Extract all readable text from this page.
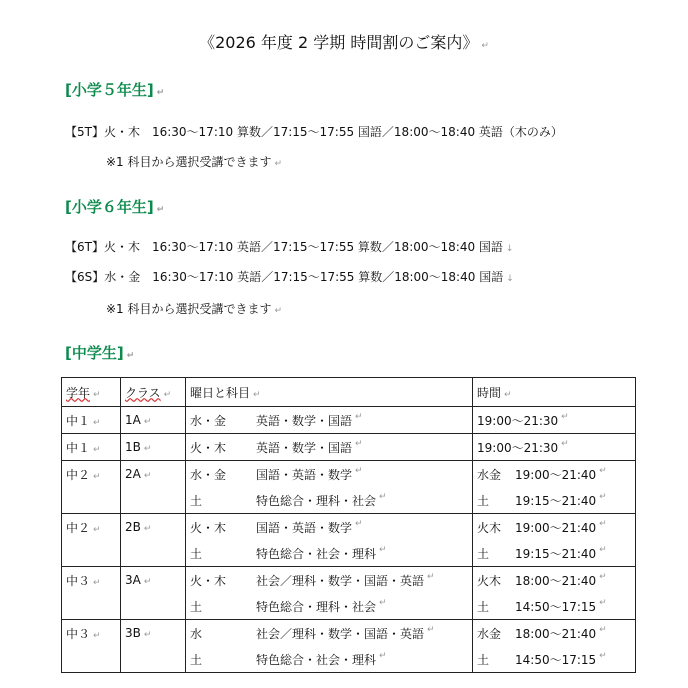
《2026 年度 2 学期 時間割のご案内》 ↵
[小学５年生] ↵
【5T】火・木　16:30～17:10 算数／17:15～17:55 国語／18:00～18:40 英語（木のみ）
※1 科目から選択受講できます ↵
[小学６年生] ↵
【6T】火・木　16:30～17:10 英語／17:15～17:55 算数／18:00～18:40 国語 ↓
【6S】水・金　16:30～17:10 英語／17:15～17:55 算数／18:00～18:40 国語 ↓
※1 科目から選択受講できます ↵
[中学生] ↵
学年 ↵	クラス ↵	曜日と科目 ↵	時間 ↵
中１ ↵	1A ↵	水・金 英語・数学・国語 ↵	19:00～21:30 ↵

中１ ↵	1B ↵	火・木 英語・数学・国語 ↵	19:00～21:30 ↵

中２ ↵	2A ↵	水・金 国語・英語・数学 ↵	水金 19:00～21:40 ↵

		土 特色総合・理科・社会 ↵	土 19:15～21:40 ↵

中２ ↵	2B ↵	火・木 国語・英語・数学 ↵	火木 19:00～21:40 ↵

		土 特色総合・社会・理科 ↵	土 19:15～21:40 ↵

中３ ↵	3A ↵	火・木 社会／理科・数学・国語・英語 ↵	火木 18:00～21:40 ↵

		土 特色総合・理科・社会 ↵	土 14:50～17:15 ↵

中３ ↵	3B ↵	水 社会／理科・数学・国語・英語 ↵	水金 18:00～21:40 ↵

		土 特色総合・社会・理科 ↵	土 14:50～17:15 ↵
